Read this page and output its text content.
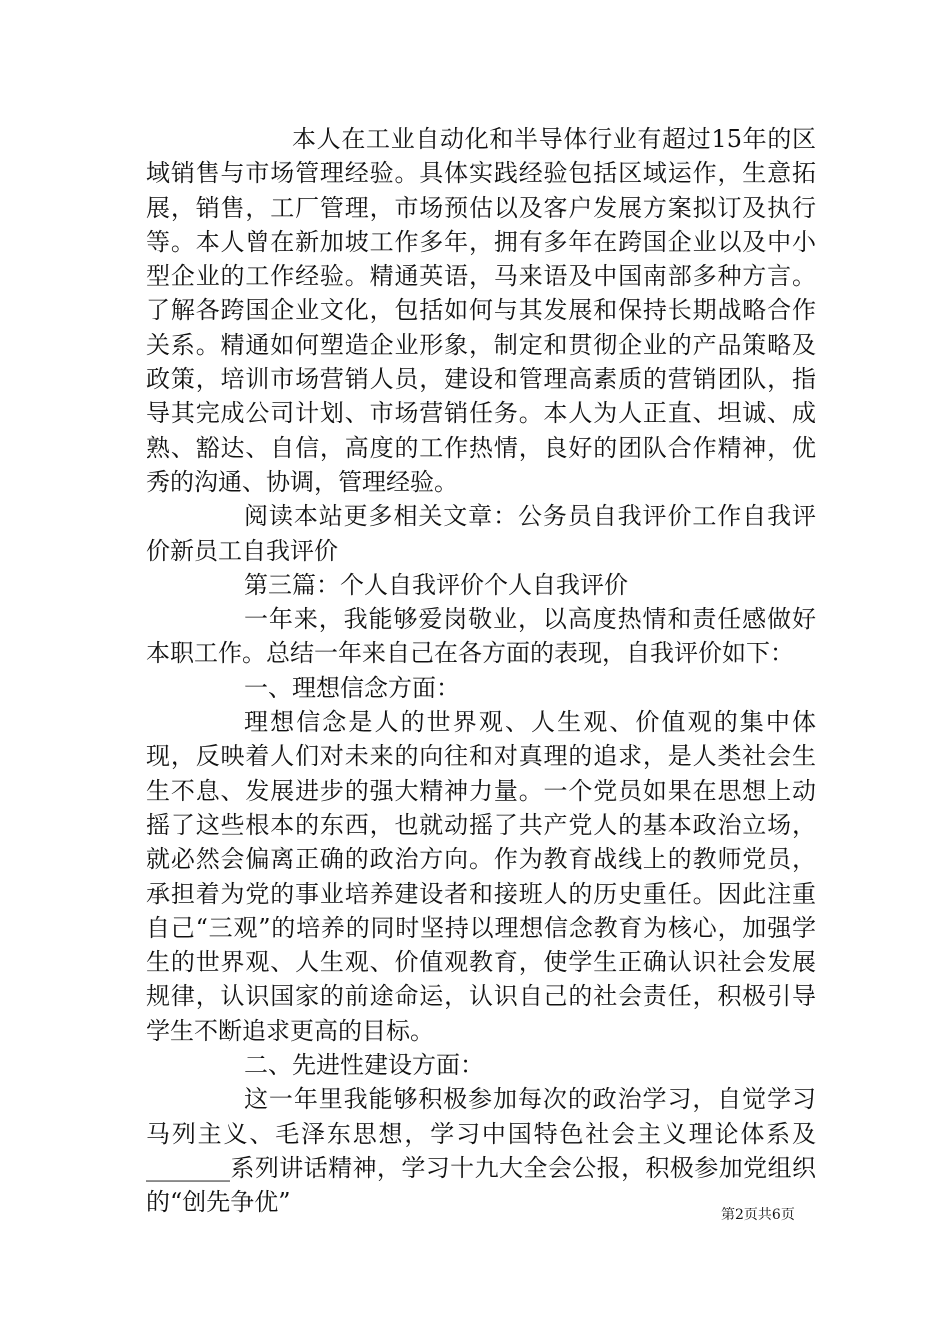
本人在工业自动化和半导体行业有超过15年的区域销售与市场管理经验。具体实践经验包括区域运作，生意拓展，销售，工厂管理，市场预估以及客户发展方案拟订及执行等。本人曾在新加坡工作多年，拥有多年在跨国企业以及中小型企业的工作经验。精通英语，马来语及中国南部多种方言。了解各跨国企业文化，包括如何与其发展和保持长期战略合作关系。精通如何塑造企业形象，制定和贯彻企业的产品策略及政策，培训市场营销人员，建设和管理高素质的营销团队，指导其完成公司计划、市场营销任务。本人为人正直、坦诚、成熟、豁达、自信，高度的工作热情，良好的团队合作精神，优秀的沟通、协调，管理经验。

阅读本站更多相关文章：公务员自我评价工作自我评价新员工自我评价

第三篇：个人自我评价个人自我评价

一年来，我能够爱岗敬业，以高度热情和责任感做好本职工作。总结一年来自己在各方面的表现，自我评价如下：

一、理想信念方面：

理想信念是人的世界观、人生观、价值观的集中体现，反映着人们对未来的向往和对真理的追求，是人类社会生生不息、发展进步的强大精神力量。一个党员如果在思想上动摇了这些根本的东西，也就动摇了共产党人的基本政治立场，就必然会偏离正确的政治方向。作为教育战线上的教师党员，承担着为党的事业培养建设者和接班人的历史重任。因此注重自己“三观”的培养的同时坚持以理想信念教育为核心，加强学生的世界观、人生观、价值观教育，使学生正确认识社会发展规律，认识国家的前途命运，认识自己的社会责任，积极引导学生不断追求更高的目标。

二、先进性建设方面：

这一年里我能够积极参加每次的政治学习，自觉学习马列主义、毛泽东思想，学习中国特色社会主义理论体系及_______系列讲话精神，学习十九大全会公报，积极参加党组织的“创先争优”	第2页共6页
